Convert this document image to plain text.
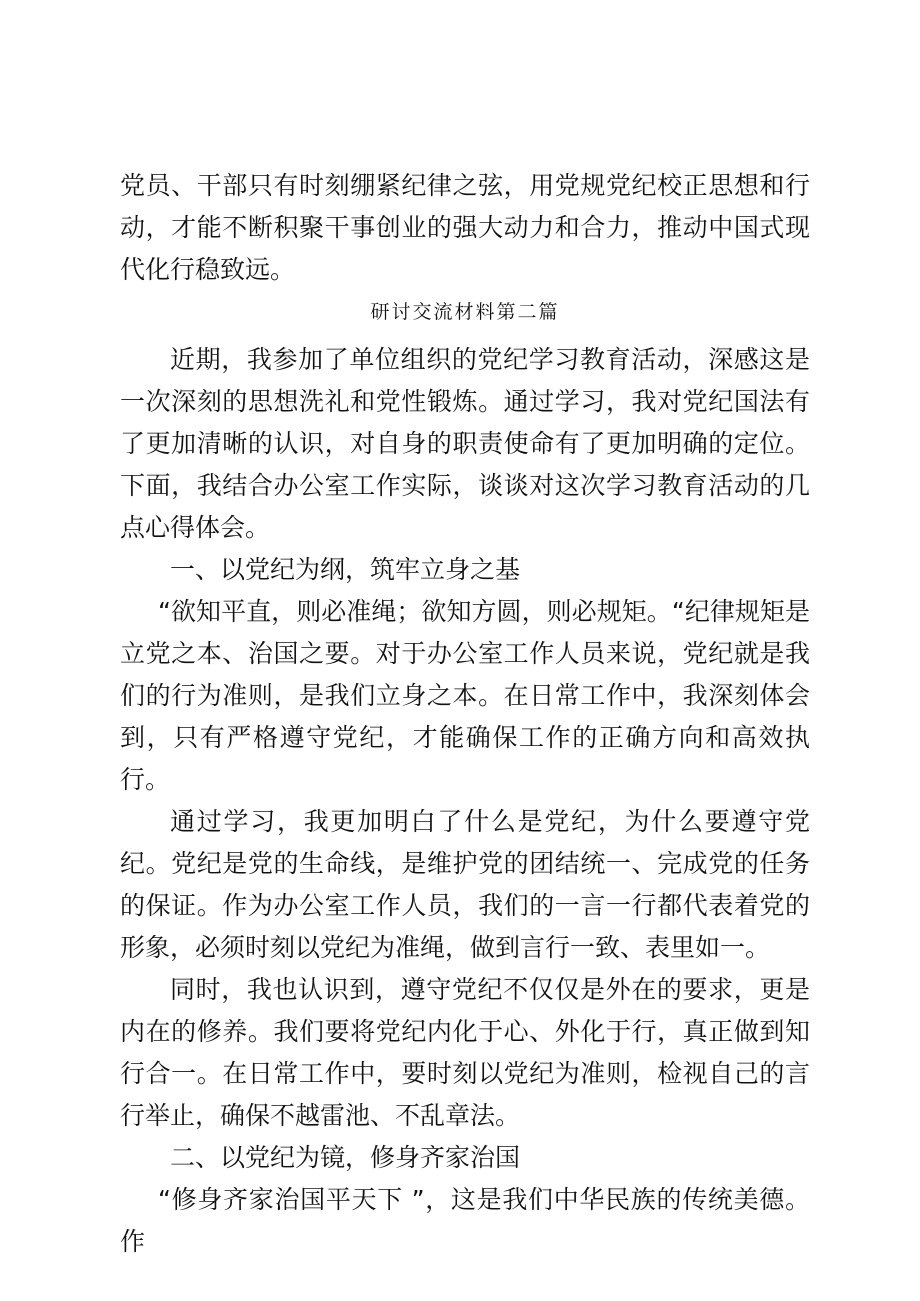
党员、干部只有时刻绷紧纪律之弦，用党规党纪校正思想和行动，才能不断积聚干事创业的强大动力和合力，推动中国式现代化行稳致远。

研讨交流材料第二篇

近期，我参加了单位组织的党纪学习教育活动，深感这是一次深刻的思想洗礼和党性锻炼。通过学习，我对党纪国法有了更加清晰的认识，对自身的职责使命有了更加明确的定位。下面，我结合办公室工作实际，谈谈对这次学习教育活动的几点心得体会。

一、以党纪为纲，筑牢立身之基

“欲知平直，则必准绳；欲知方圆，则必规矩。“纪律规矩是立党之本、治国之要。对于办公室工作人员来说，党纪就是我们的行为准则，是我们立身之本。在日常工作中，我深刻体会到，只有严格遵守党纪，才能确保工作的正确方向和高效执行。

通过学习，我更加明白了什么是党纪，为什么要遵守党纪。党纪是党的生命线，是维护党的团结统一、完成党的任务的保证。作为办公室工作人员，我们的一言一行都代表着党的形象，必须时刻以党纪为准绳，做到言行一致、表里如一。

同时，我也认识到，遵守党纪不仅仅是外在的要求，更是内在的修养。我们要将党纪内化于心、外化于行，真正做到知行合一。在日常工作中，要时刻以党纪为准则，检视自己的言行举止，确保不越雷池、不乱章法。

二、以党纪为镜，修身齐家治国

“修身齐家治国平天下 ”，这是我们中华民族的传统美德。作
